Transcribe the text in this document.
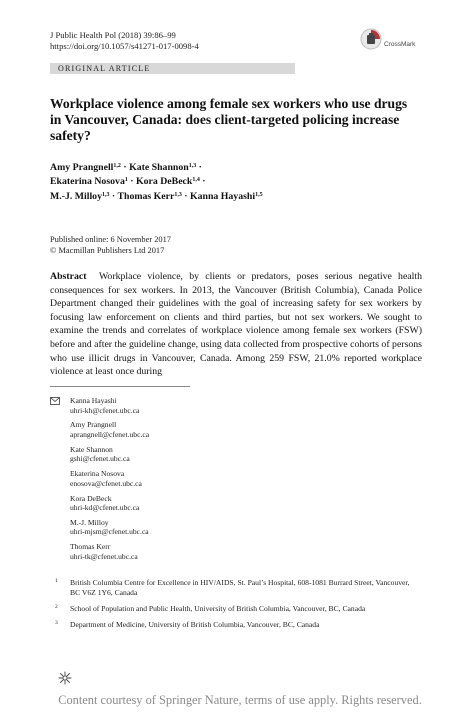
J Public Health Pol (2018) 39:86–99
https://doi.org/10.1057/s41271-017-0098-4	CrossMark
ORIGINAL ARTICLE
Workplace violence among female sex workers who use drugs in Vancouver, Canada: does client-targeted policing increase safety?
Amy Prangnell$^{1,2}$ · Kate Shannon$^{1,3}$ ·
Ekaterina Nosova$^1$ · Kora DeBeck$^{1,4}$ ·
M.-J. Milloy$^{1,3}$ · Thomas Kerr$^{1,3}$ · Kanna Hayashi$^{1,5}$
Published online: 6 November 2017
© Macmillan Publishers Ltd 2017
Abstract Workplace violence, by clients or predators, poses serious negative health consequences for sex workers. In 2013, the Vancouver (British Columbia), Canada Police Department changed their guidelines with the goal of increasing safety for sex workers by focusing law enforcement on clients and third parties, but not sex workers. We sought to examine the trends and correlates of workplace violence among female sex workers (FSW) before and after the guideline change, using data collected from prospective cohorts of persons who use illicit drugs in Vancouver, Canada. Among 259 FSW, 21.0% reported workplace violence at least once during
Kanna Hayashi
uhri-kh@cfenet.ubc.ca
Amy Prangnell
aprangnell@cfenet.ubc.ca
Kate Shannon
gshi@cfenet.ubc.ca
Ekaterina Nosova
enosova@cfenet.ubc.ca
Kora DeBeck
uhri-kd@cfenet.ubc.ca
M.-J. Milloy
uhri-mjsm@cfenet.ubc.ca
Thomas Kerr
uhri-tk@cfenet.ubc.ca
1 British Columbia Centre for Excellence in HIV/AIDS, St. Paul’s Hospital, 608-1081 Burrard Street, Vancouver, BC V6Z 1Y6, Canada
2 School of Population and Public Health, University of British Columbia, Vancouver, BC, Canada
3 Department of Medicine, University of British Columbia, Vancouver, BC, Canada
Content courtesy of Springer Nature, terms of use apply. Rights reserved.
